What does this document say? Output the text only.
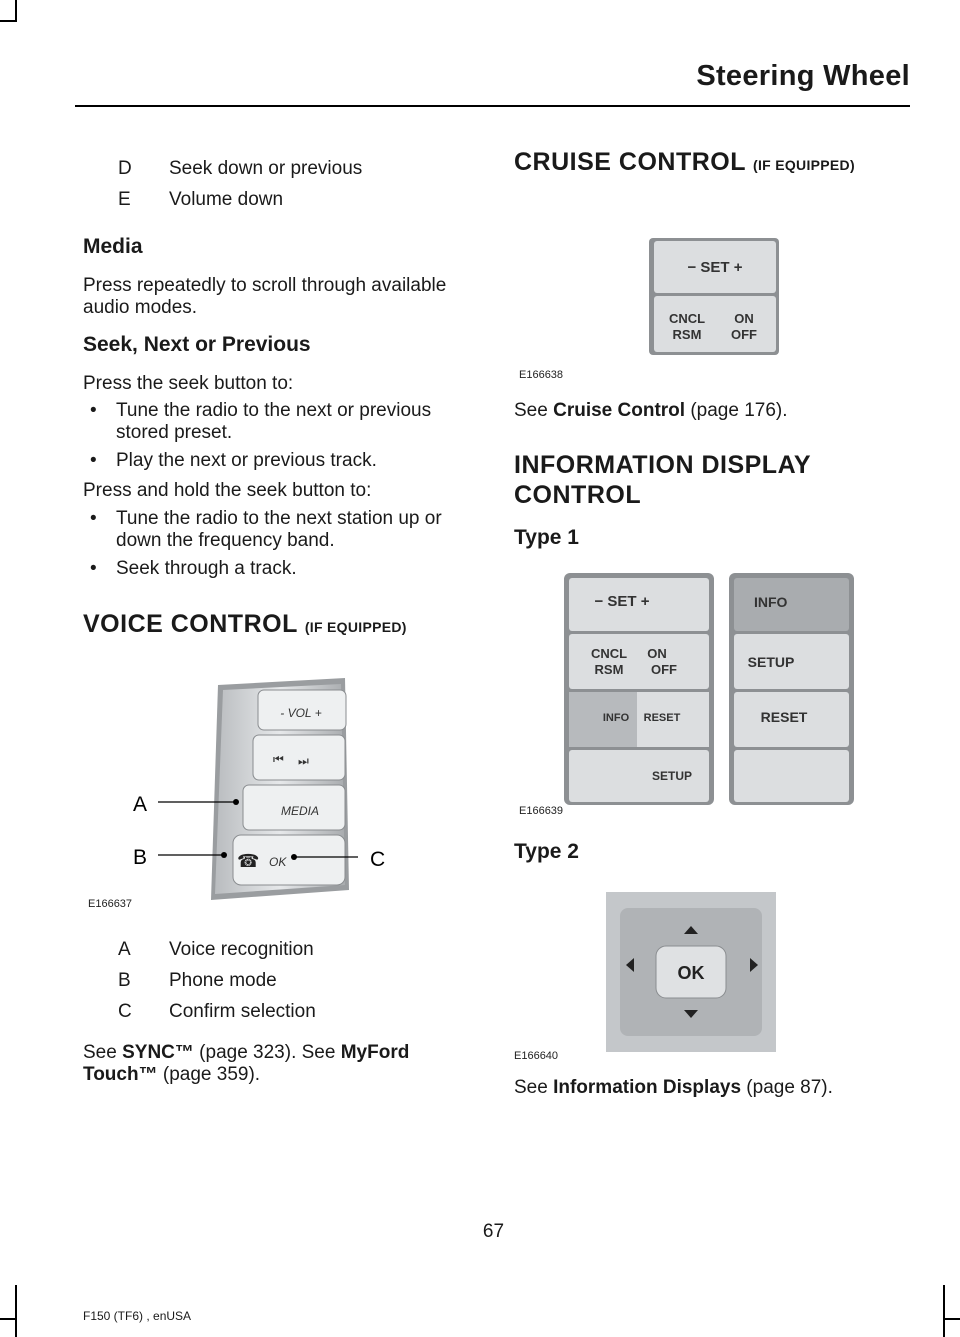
Steering Wheel
D	Seek down or previous
E	Volume down
Media
Press repeatedly to scroll through available audio modes.
Seek, Next or Previous
Press the seek button to:
• Tune the radio to the next or previous stored preset.
• Play the next or previous track.
Press and hold the seek button to:
• Tune the radio to the next station up or down the frequency band.
• Seek through a track.
VOICE CONTROL (IF EQUIPPED)
- VOL +
⏮ ⏭
MEDIA
☎ OK
A
B	C
E166637
A	Voice recognition
B	Phone mode
C	Confirm selection
See SYNC™ (page 323). See MyFord
Touch™ (page 359).
CRUISE CONTROL (IF EQUIPPED)
− SET +
CNCL
RSM
ON
OFF
E166638
See Cruise Control (page 176).
INFORMATION DISPLAY
CONTROL
Type 1
− SET +
CNCL
RSM
ON
OFF
INFO RESET
SETUP
INFO
SETUP
RESET
E166639
Type 2
OK
E166640
See Information Displays (page 87).
67
F150 (TF6) , enUSA
